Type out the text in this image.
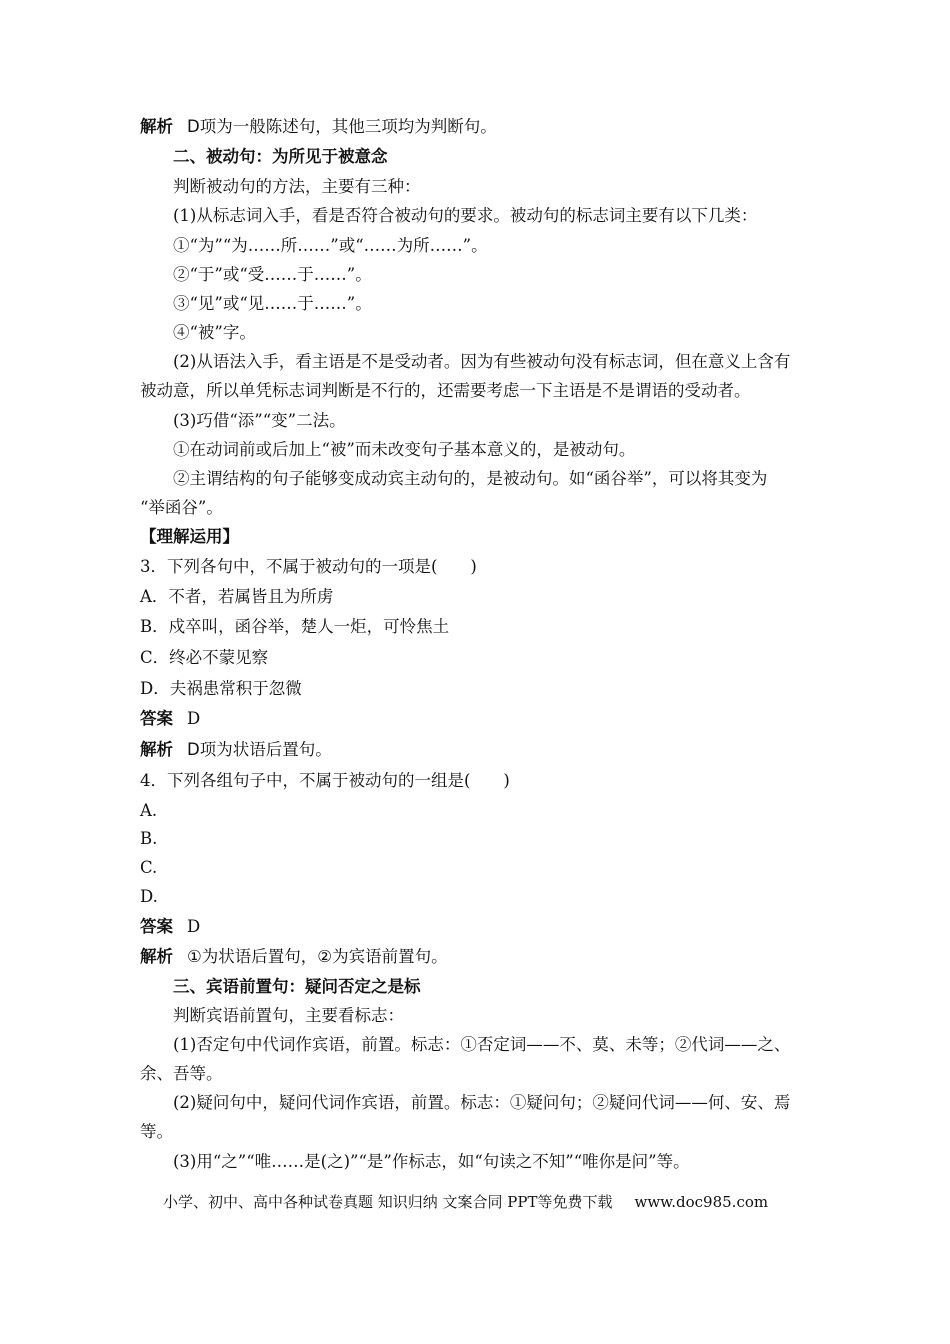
解析 D项为一般陈述句，其他三项均为判断句。
二、被动句：为所见于被意念
判断被动句的方法，主要有三种：
(1)从标志词入手，看是否符合被动句的要求。被动句的标志词主要有以下几类：
①“为”“为……所……”或“……为所……”。
②“于”或“受……于……”。
③“见”或“见……于……”。
④“被”字。
(2)从语法入手，看主语是不是受动者。因为有些被动句没有标志词，但在意义上含有
被动意，所以单凭标志词判断是不行的，还需要考虑一下主语是不是谓语的受动者。
(3)巧借“添”“变”二法。
①在动词前或后加上“被”而未改变句子基本意义的，是被动句。
②主谓结构的句子能够变成动宾主动句的，是被动句。如“函谷举”，可以将其变为
“举函谷”。
【理解运用】
3．下列各句中，不属于被动句的一项是(　　)
A．不者，若属皆且为所虏
B．戍卒叫，函谷举，楚人一炬，可怜焦土
C．终必不蒙见察
D．夫祸患常积于忽微
答案 D
解析 D项为状语后置句。
4．下列各组句子中，不属于被动句的一组是(　　)
A.
B.
C.
D.
答案 D
解析 ①为状语后置句，②为宾语前置句。
三、宾语前置句：疑问否定之是标
判断宾语前置句，主要看标志：
(1)否定句中代词作宾语，前置。标志：①否定词——不、莫、未等；②代词——之、
余、吾等。
(2)疑问句中，疑问代词作宾语，前置。标志：①疑问句；②疑问代词——何、安、焉
等。
(3)用“之”“唯……是(之)”“是”作标志，如“句读之不知”“唯你是问”等。
小学、初中、高中各种试卷真题 知识归纳 文案合同 PPT等免费下载 www.doc985.com
